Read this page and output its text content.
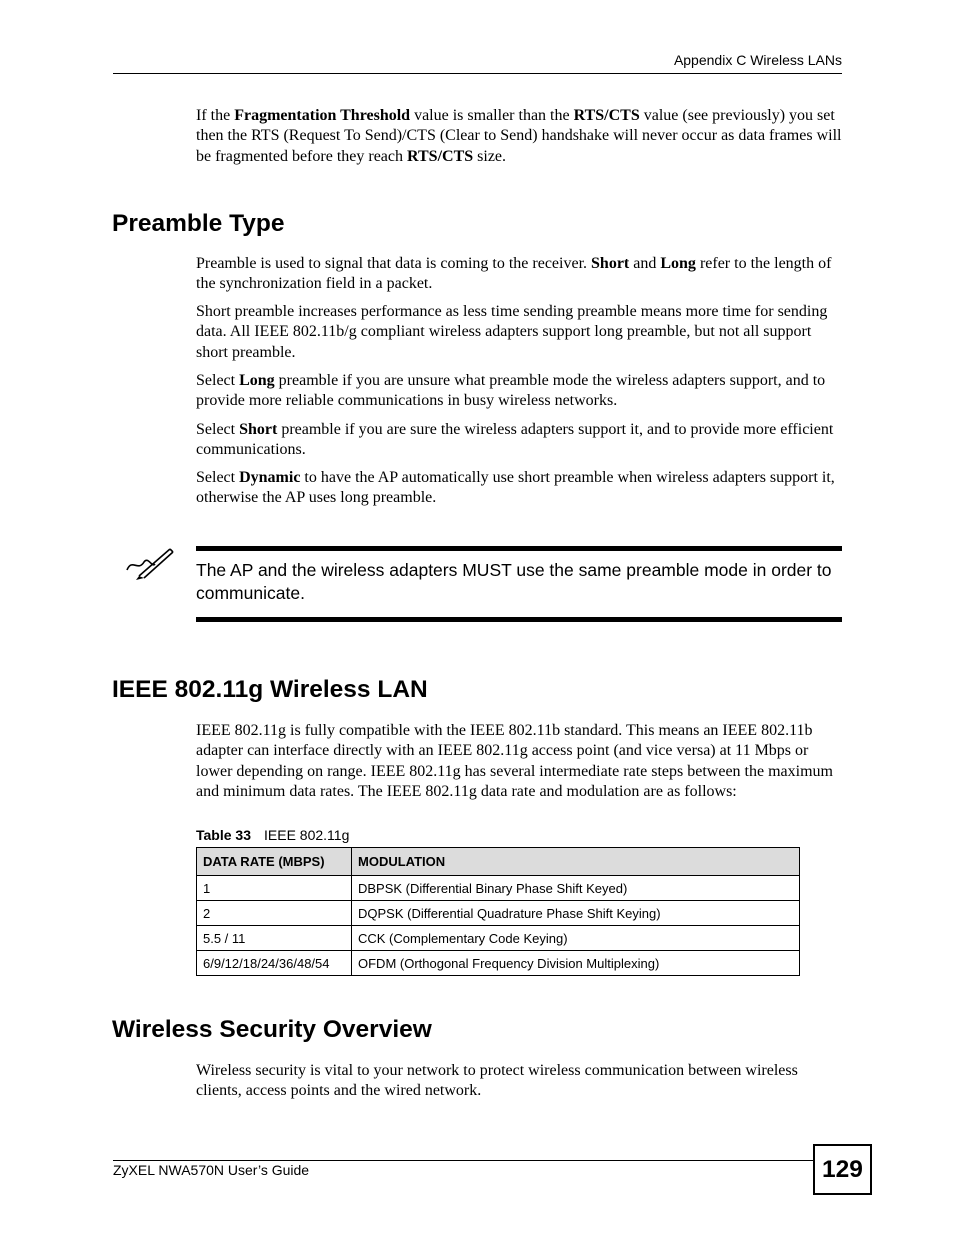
Appendix C Wireless LANs

If the Fragmentation Threshold value is smaller than the RTS/CTS value (see previously) you set then the RTS (Request To Send)/CTS (Clear to Send) handshake will never occur as data frames will be fragmented before they reach RTS/CTS size.

Preamble Type

Preamble is used to signal that data is coming to the receiver. Short and Long refer to the length of the synchronization field in a packet.

Short preamble increases performance as less time sending preamble means more time for sending data. All IEEE 802.11b/g compliant wireless adapters support long preamble, but not all support short preamble.

Select Long preamble if you are unsure what preamble mode the wireless adapters support, and to provide more reliable communications in busy wireless networks.

Select Short preamble if you are sure the wireless adapters support it, and to provide more efficient communications.

Select Dynamic to have the AP automatically use short preamble when wireless adapters support it, otherwise the AP uses long preamble.

The AP and the wireless adapters MUST use the same preamble mode in order to communicate.
IEEE 802.11g Wireless LAN

IEEE 802.11g is fully compatible with the IEEE 802.11b standard. This means an IEEE 802.11b adapter can interface directly with an IEEE 802.11g access point (and vice versa) at 11 Mbps or lower depending on range. IEEE 802.11g has several intermediate rate steps between the maximum and minimum data rates. The IEEE 802.11g data rate and modulation are as follows:

Table 33 IEEE 802.11g
DATA RATE (MBPS)	MODULATION
1	DBPSK (Differential Binary Phase Shift Keyed)
2	DQPSK (Differential Quadrature Phase Shift Keying)
5.5 / 11	CCK (Complementary Code Keying)
6/9/12/18/24/36/48/54	OFDM (Orthogonal Frequency Division Multiplexing)
Wireless Security Overview

Wireless security is vital to your network to protect wireless communication between wireless clients, access points and the wired network.

ZyXEL NWA570N User’s Guide	129
